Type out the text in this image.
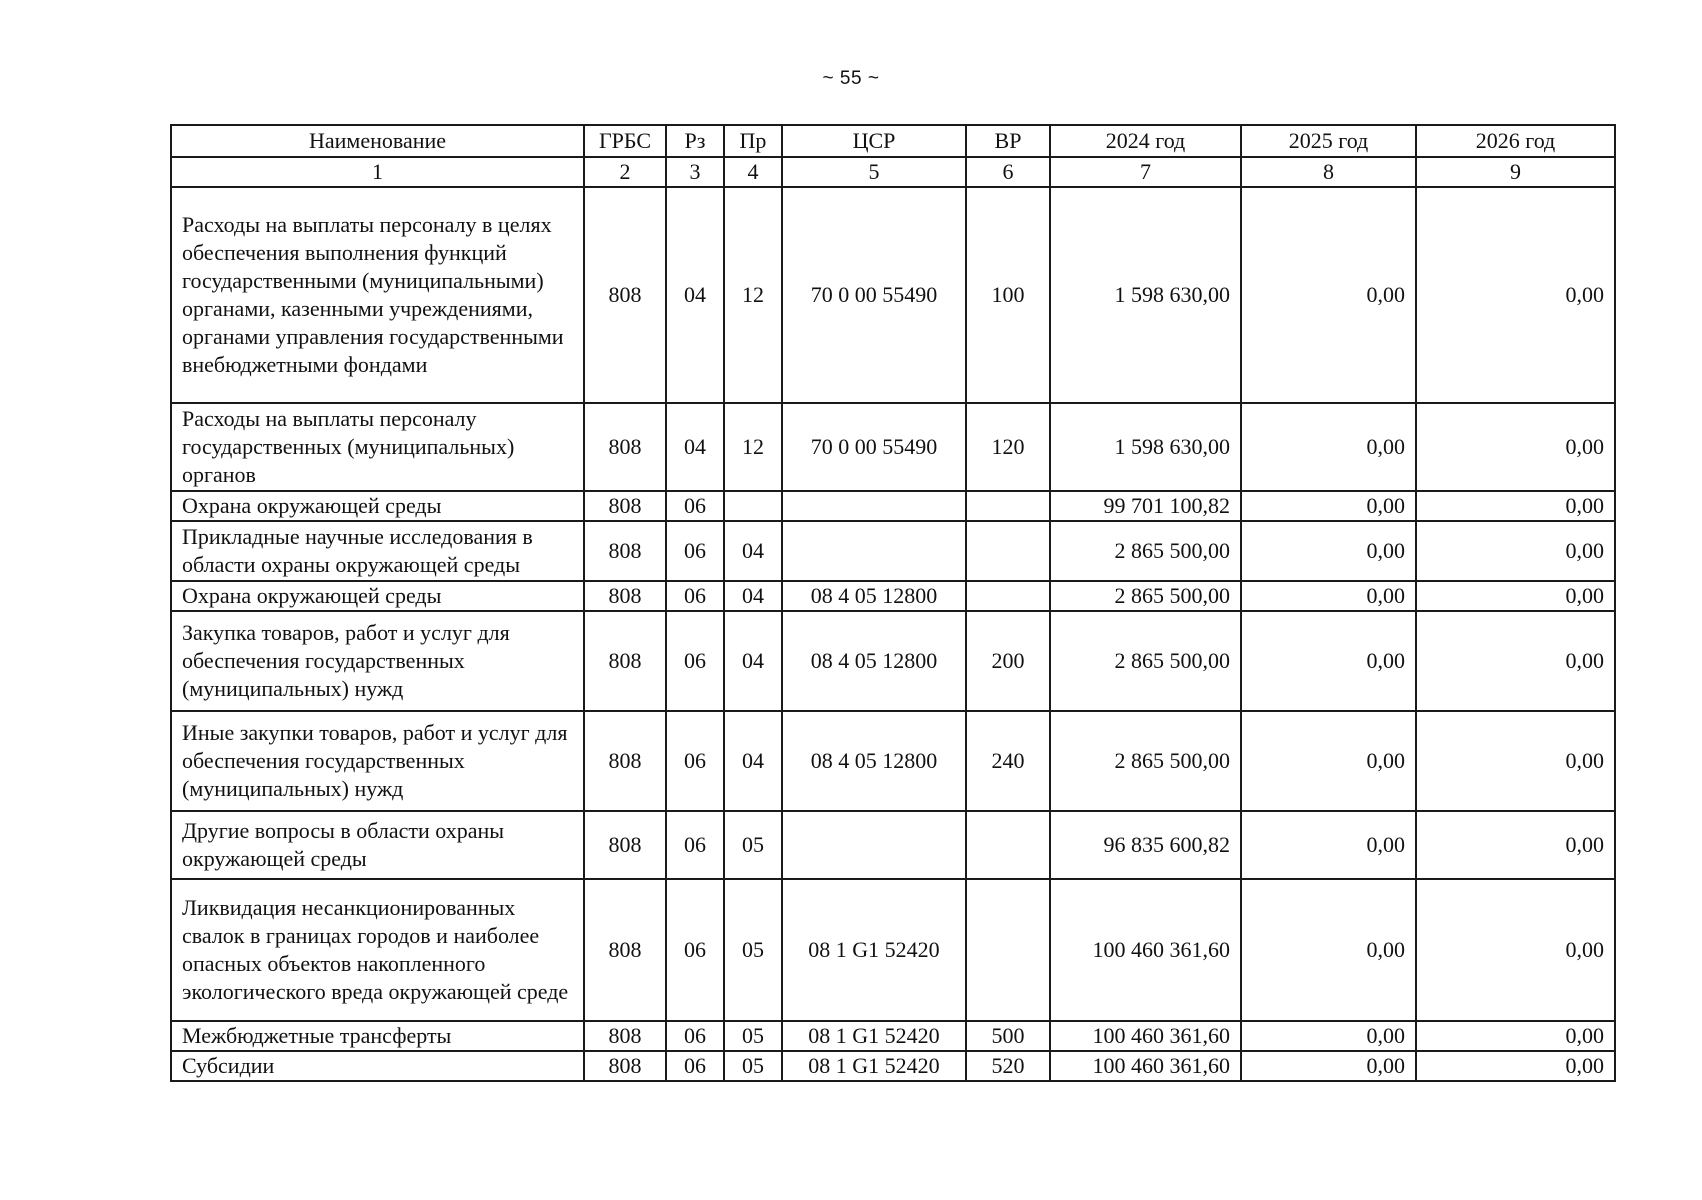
~ 55 ~
Наименование	ГРБС	Рз	Пр	ЦСР	ВР	2024 год	2025 год	2026 год
1	2	3	4	5	6	7	8	9
Расходы на выплаты персоналу в целях обеспечения выполнения функций государственными (муниципальными) органами, казенными учреждениями, органами управления государственными внебюджетными фондами	808	04	12	70 0 00 55490	100	1 598 630,00	0,00	0,00
Расходы на выплаты персоналу государственных (муниципальных) органов	808	04	12	70 0 00 55490	120	1 598 630,00	0,00	0,00
Охрана окружающей среды	808	06				99 701 100,82	0,00	0,00
Прикладные научные исследования в области охраны окружающей среды	808	06	04			2 865 500,00	0,00	0,00
Охрана окружающей среды	808	06	04	08 4 05 12800		2 865 500,00	0,00	0,00
Закупка товаров, работ и услуг для обеспечения государственных (муниципальных) нужд	808	06	04	08 4 05 12800	200	2 865 500,00	0,00	0,00
Иные закупки товаров, работ и услуг для обеспечения государственных (муниципальных) нужд	808	06	04	08 4 05 12800	240	2 865 500,00	0,00	0,00
Другие вопросы в области охраны окружающей среды	808	06	05			96 835 600,82	0,00	0,00
Ликвидация несанкционированных свалок в границах городов и наиболее опасных объектов накопленного экологического вреда окружающей среде	808	06	05	08 1 G1 52420		100 460 361,60	0,00	0,00
Межбюджетные трансферты	808	06	05	08 1 G1 52420	500	100 460 361,60	0,00	0,00
Субсидии	808	06	05	08 1 G1 52420	520	100 460 361,60	0,00	0,00
